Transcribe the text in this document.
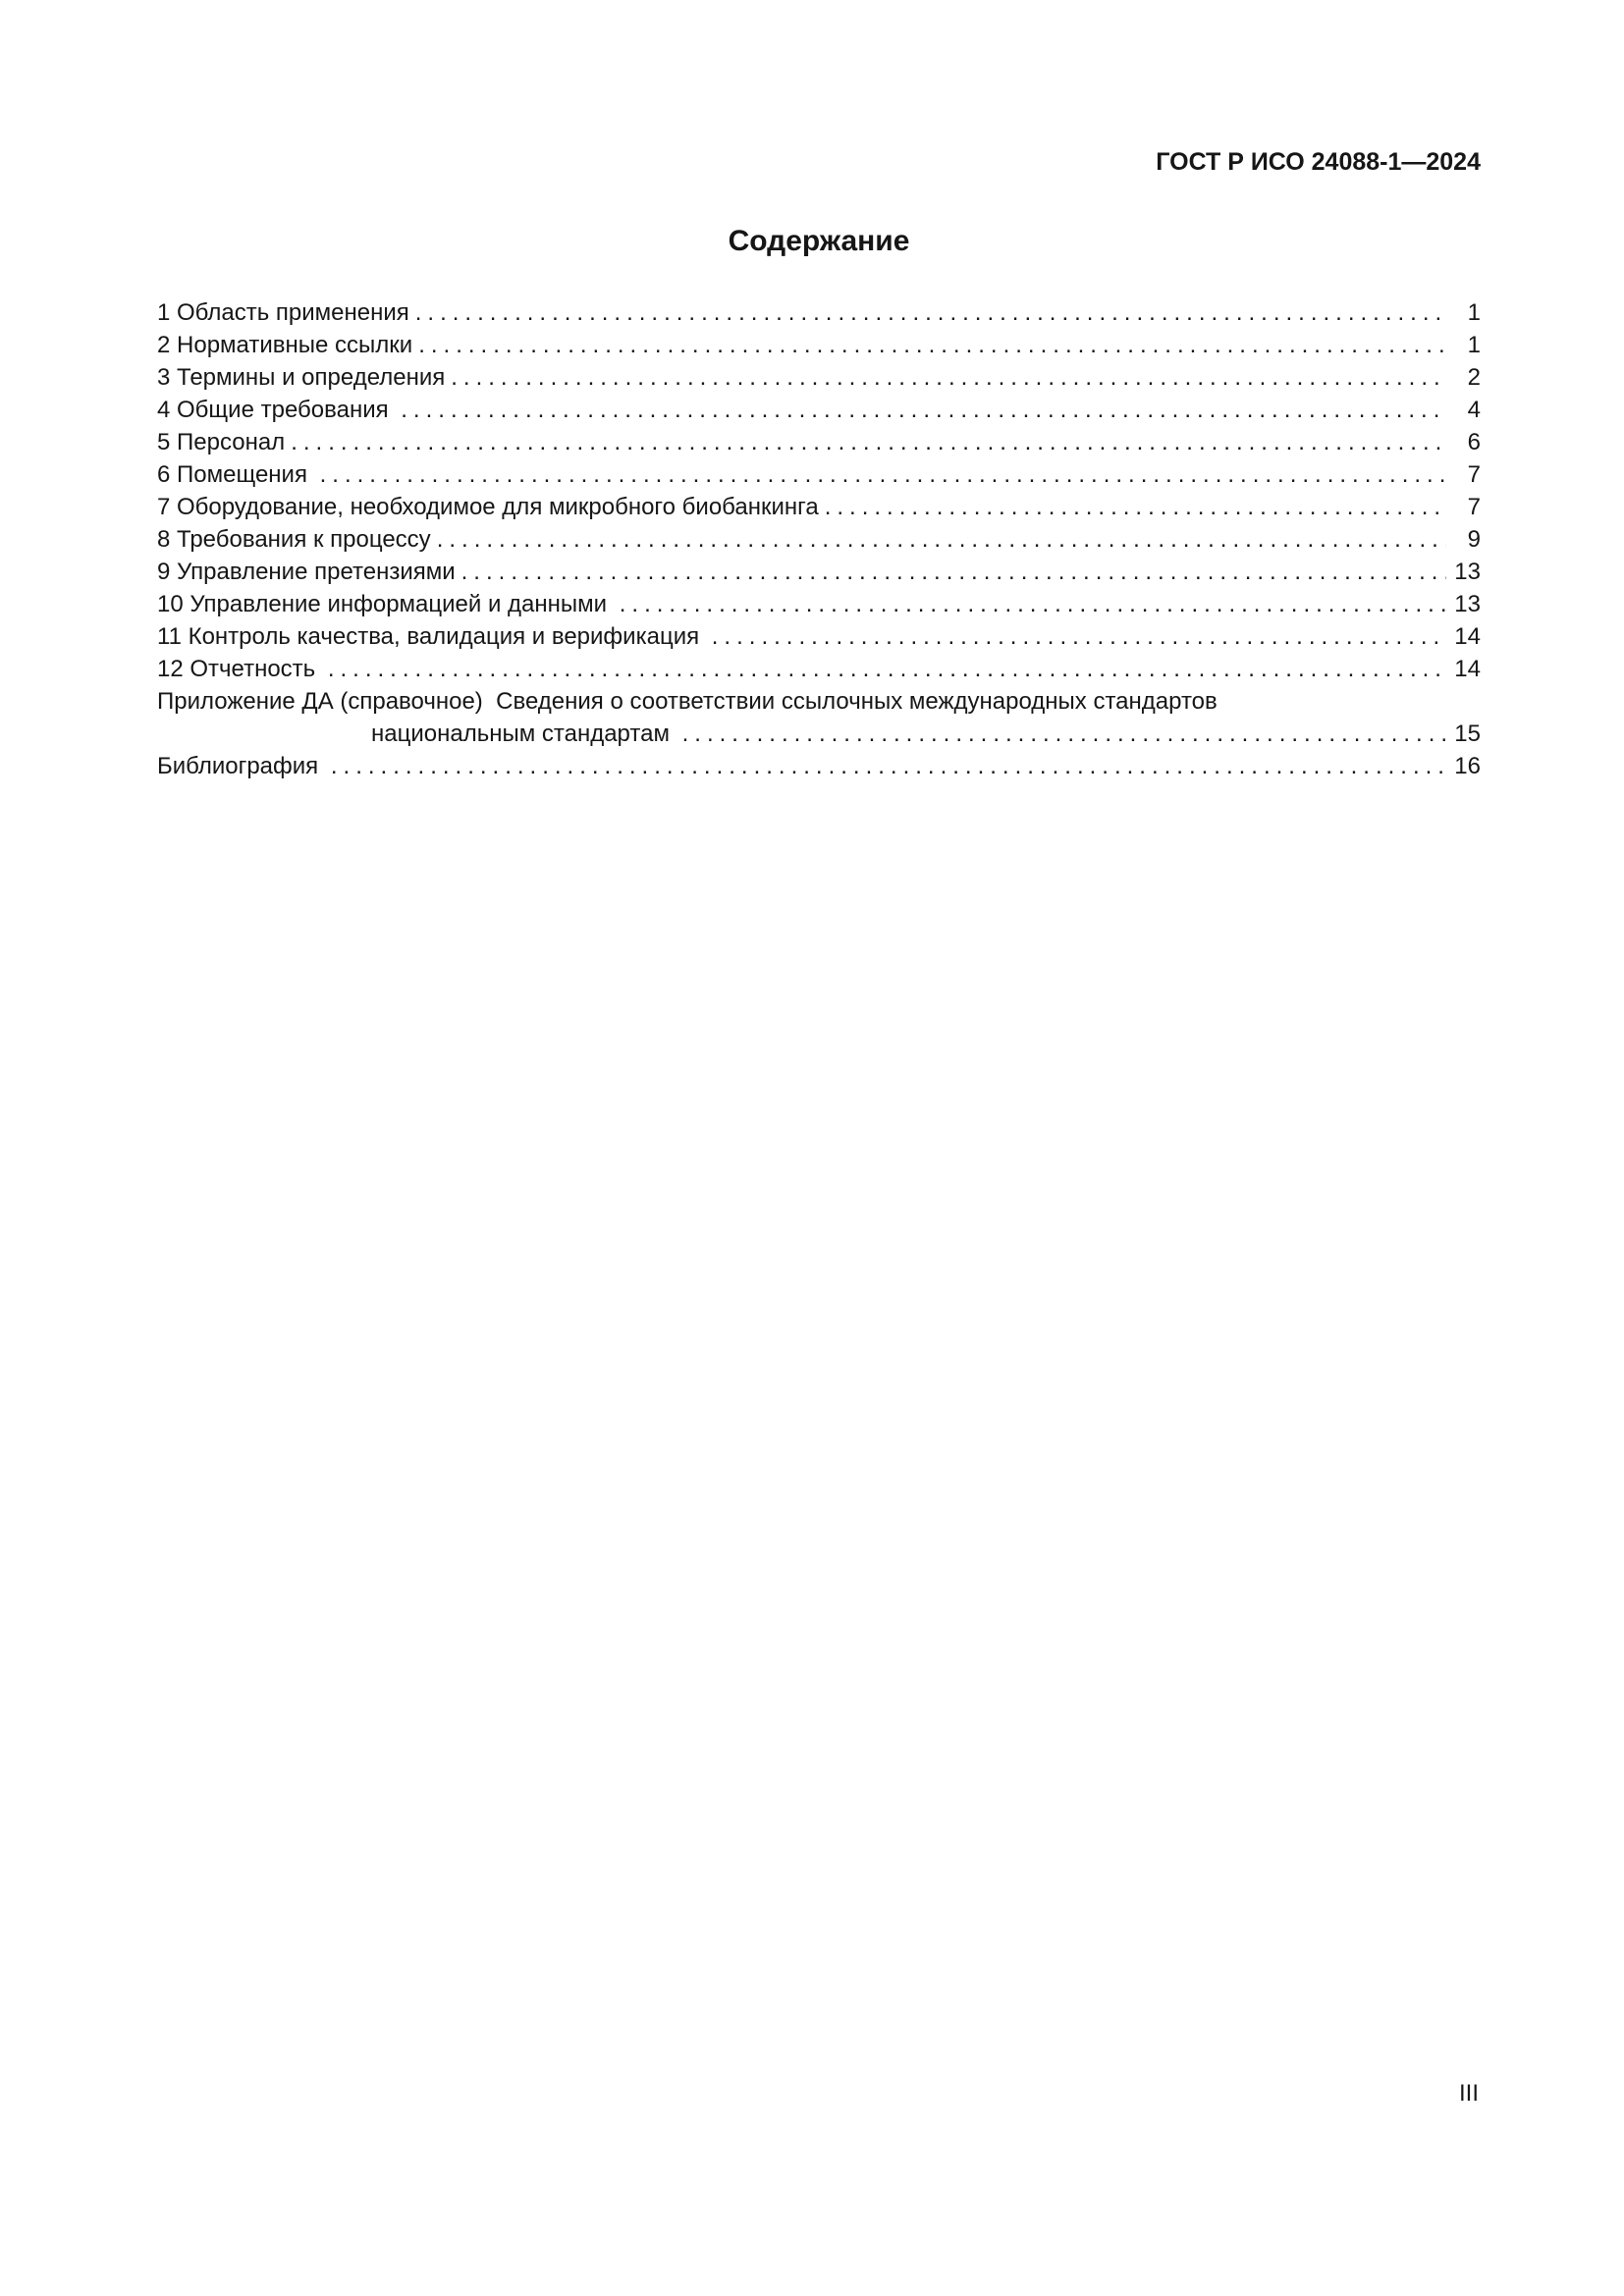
ГОСТ Р ИСО 24088-1—2024
Содержание
1 Область применения .....	1
2 Нормативные ссылки .....	1
3 Термины и определения .....	2
4 Общие требования .....	4
5 Персонал .....	6
6 Помещения .....	7
7 Оборудование, необходимое для микробного биобанкинга .....	7
8 Требования к процессу .....	9
9 Управление претензиями .....	13
10 Управление информацией и данными .....	13
11 Контроль качества, валидация и верификация .....	14
12 Отчетность .....	14
Приложение ДА (справочное)  Сведения о соответствии ссылочных международных стандартов
национальным стандартам .....	15
Библиография .....	16
III
